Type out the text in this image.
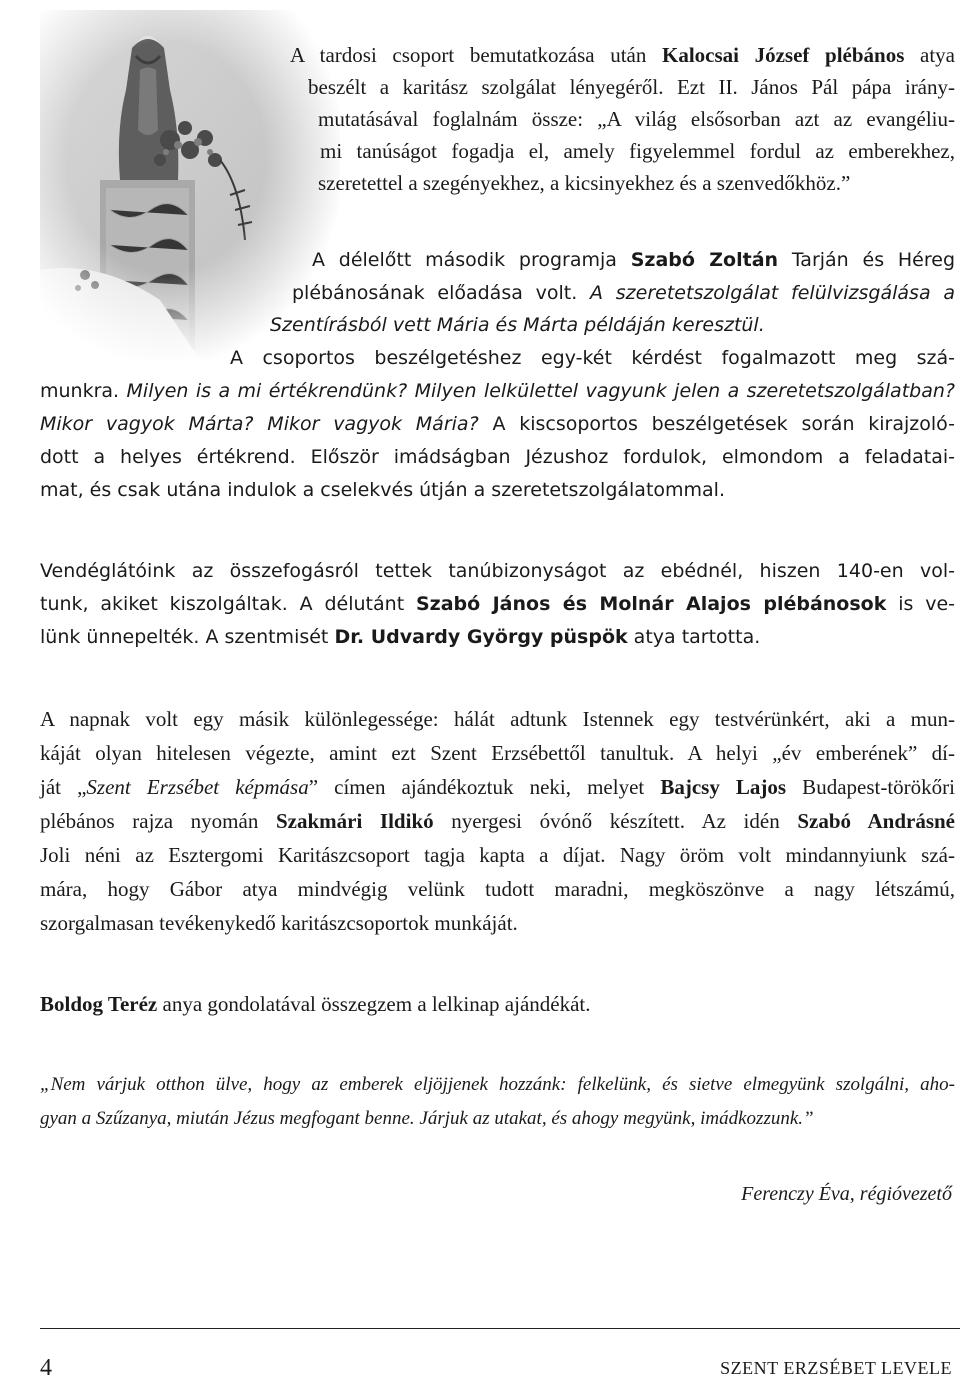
A tardosi csoport bemutatkozása után Kalocsai József plébános atya
beszélt a karitász szolgálat lényegéről. Ezt II. János Pál pápa irány-
mutatásával foglalnám össze: „A világ elsősorban azt az evangéliu-
mi tanúságot fogadja el, amely figyelemmel fordul az emberekhez,
szeretettel a szegényekhez, a kicsinyekhez és a szenvedőkhöz.”
A délelőtt második programja Szabó Zoltán Tarján és Héreg
plébánosának előadása volt. A szeretetszolgálat felülvizsgálása a
Szentírásból vett Mária és Márta példáján keresztül.
A csoportos beszélgetéshez egy-két kérdést fogalmazott meg szá-
munkra. Milyen is a mi értékrendünk? Milyen lelkülettel vagyunk jelen a szeretetszolgálatban?
Mikor vagyok Márta? Mikor vagyok Mária? A kiscsoportos beszélgetések során kirajzoló-
dott a helyes értékrend. Először imádságban Jézushoz fordulok, elmondom a feladatai-
mat, és csak utána indulok a cselekvés útján a szeretetszolgálatommal.
Vendéglátóink az összefogásról tettek tanúbizonyságot az ebédnél, hiszen 140-en vol-
tunk, akiket kiszolgáltak. A délutánt Szabó János és Molnár Alajos plébánosok is ve-
lünk ünnepelték. A szentmisét Dr. Udvardy György püspök atya tartotta.
A napnak volt egy másik különlegessége: hálát adtunk Istennek egy testvérünkért, aki a mun-
káját olyan hitelesen végezte, amint ezt Szent Erzsébettől tanultuk. A helyi „év emberének” dí-
ját „Szent Erzsébet képmása” címen ajándékoztuk neki, melyet Bajcsy Lajos Budapest-törökőri
plébános rajza nyomán Szakmári Ildikó nyergesi óvónő készített. Az idén Szabó Andrásné
Joli néni az Esztergomi Karitászcsoport tagja kapta a díjat. Nagy öröm volt mindannyiunk szá-
mára, hogy Gábor atya mindvégig velünk tudott maradni, megköszönve a nagy létszámú,
szorgalmasan tevékenykedő karitászcsoportok munkáját.
Boldog Teréz anya gondolatával összegzem a lelkinap ajándékát.
„Nem várjuk otthon ülve, hogy az emberek eljöjjenek hozzánk: felkelünk, és sietve elmegyünk szolgálni, aho-
gyan a Szűzanya, miután Jézus megfogant benne. Járjuk az utakat, és ahogy megyünk, imádkozzunk.”
Ferenczy Éva, régióvezető
4	SZENT ERZSÉBET LEVELE
